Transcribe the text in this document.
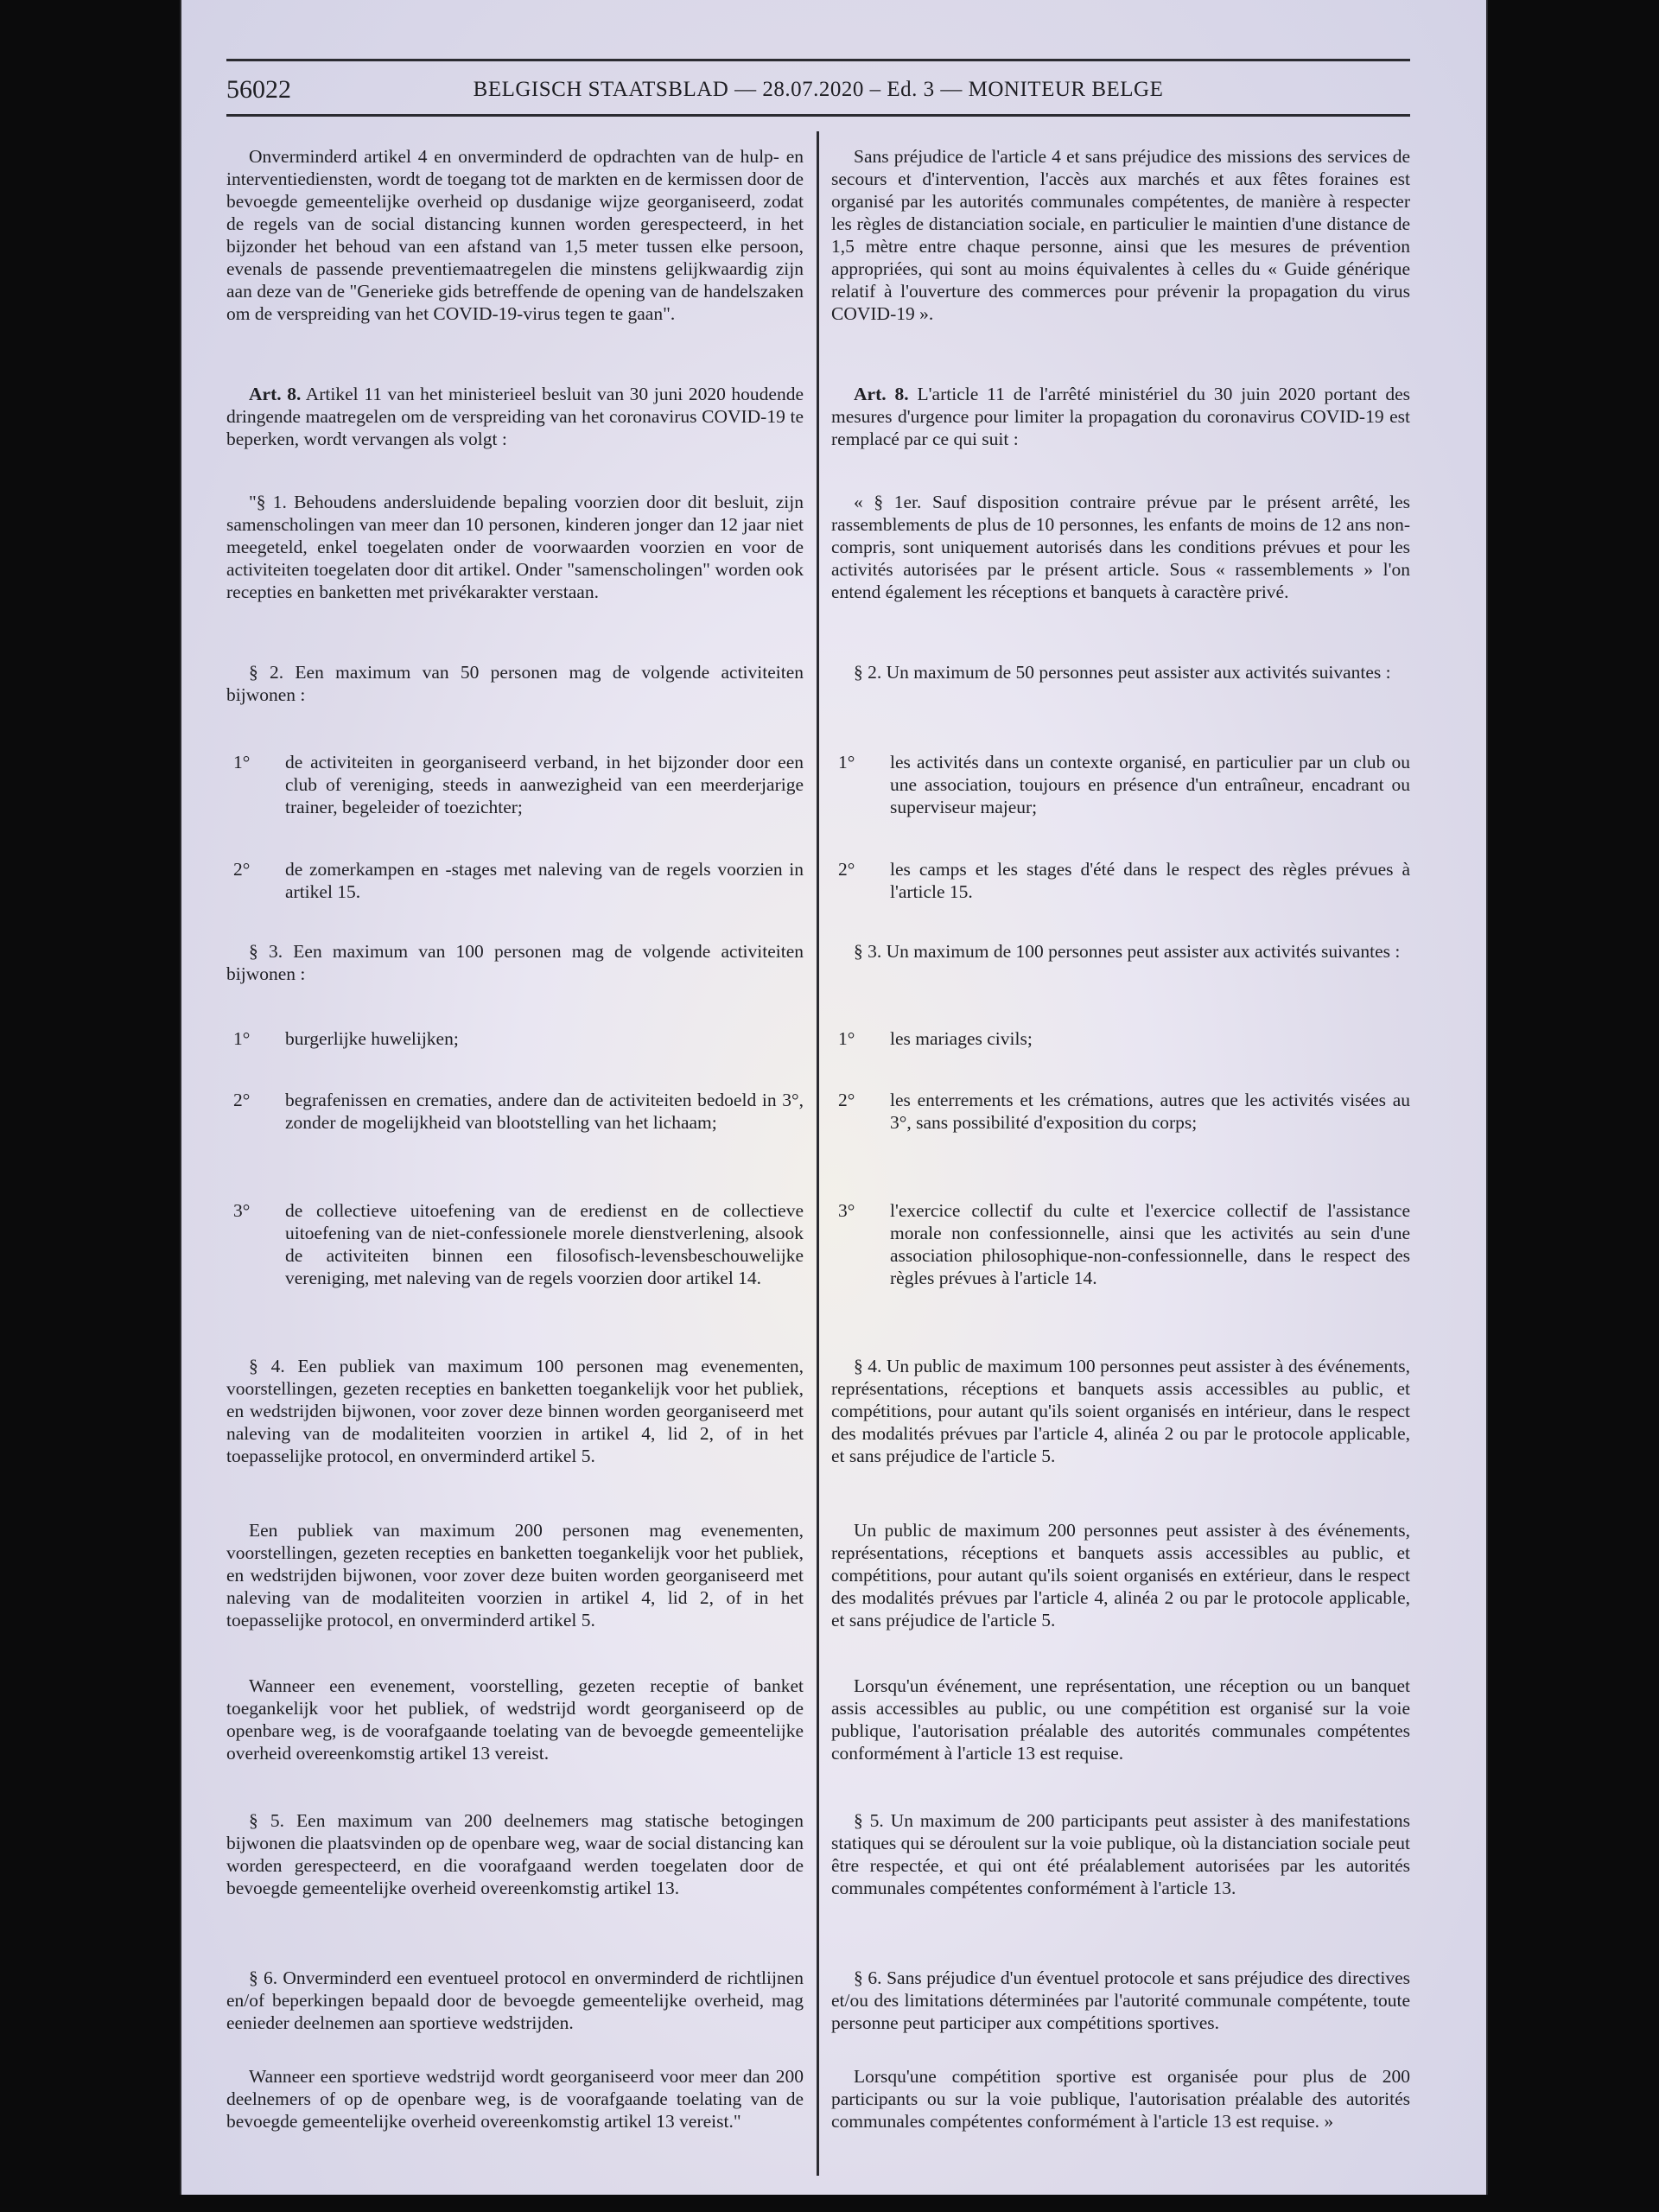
56022	BELGISCH STAATSBLAD — 28.07.2020 – Ed. 3 — MONITEUR BELGE
Onverminderd artikel 4 en onverminderd de opdrachten van de hulp- en interventiediensten, wordt de toegang tot de markten en de kermissen door de bevoegde gemeentelijke overheid op dusdanige wijze georganiseerd, zodat de regels van de social distancing kunnen worden gerespecteerd, in het bijzonder het behoud van een afstand van 1,5 meter tussen elke persoon, evenals de passende preventiemaatregelen die minstens gelijkwaardig zijn aan deze van de "Generieke gids betreffende de opening van de handelszaken om de verspreiding van het COVID-19-virus tegen te gaan".
Art. 8. Artikel 11 van het ministerieel besluit van 30 juni 2020 houdende dringende maatregelen om de verspreiding van het coronavirus COVID-19 te beperken, wordt vervangen als volgt :
"§ 1. Behoudens andersluidende bepaling voorzien door dit besluit, zijn samenscholingen van meer dan 10 personen, kinderen jonger dan 12 jaar niet meegeteld, enkel toegelaten onder de voorwaarden voorzien en voor de activiteiten toegelaten door dit artikel. Onder "samenscholingen" worden ook recepties en banketten met privékarakter verstaan.
§ 2. Een maximum van 50 personen mag de volgende activiteiten bijwonen :
1°	de activiteiten in georganiseerd verband, in het bijzonder door een club of vereniging, steeds in aanwezigheid van een meerderjarige trainer, begeleider of toezichter;
2°	de zomerkampen en -stages met naleving van de regels voorzien in artikel 15.
§ 3. Een maximum van 100 personen mag de volgende activiteiten bijwonen :
1°	burgerlijke huwelijken;
2°	begrafenissen en crematies, andere dan de activiteiten bedoeld in 3°, zonder de mogelijkheid van blootstelling van het lichaam;
3°	de collectieve uitoefening van de eredienst en de collectieve uitoefening van de niet-confessionele morele dienstverlening, alsook de activiteiten binnen een filosofisch-levensbeschouwelijke vereniging, met naleving van de regels voorzien door artikel 14.
§ 4. Een publiek van maximum 100 personen mag evenementen, voorstellingen, gezeten recepties en banketten toegankelijk voor het publiek, en wedstrijden bijwonen, voor zover deze binnen worden georganiseerd met naleving van de modaliteiten voorzien in artikel 4, lid 2, of in het toepasselijke protocol, en onverminderd artikel 5.
Een publiek van maximum 200 personen mag evenementen, voorstellingen, gezeten recepties en banketten toegankelijk voor het publiek, en wedstrijden bijwonen, voor zover deze buiten worden georganiseerd met naleving van de modaliteiten voorzien in artikel 4, lid 2, of in het toepasselijke protocol, en onverminderd artikel 5.
Wanneer een evenement, voorstelling, gezeten receptie of banket toegankelijk voor het publiek, of wedstrijd wordt georganiseerd op de openbare weg, is de voorafgaande toelating van de bevoegde gemeentelijke overheid overeenkomstig artikel 13 vereist.
§ 5. Een maximum van 200 deelnemers mag statische betogingen bijwonen die plaatsvinden op de openbare weg, waar de social distancing kan worden gerespecteerd, en die voorafgaand werden toegelaten door de bevoegde gemeentelijke overheid overeenkomstig artikel 13.
§ 6. Onverminderd een eventueel protocol en onverminderd de richtlijnen en/of beperkingen bepaald door de bevoegde gemeentelijke overheid, mag eenieder deelnemen aan sportieve wedstrijden.
Wanneer een sportieve wedstrijd wordt georganiseerd voor meer dan 200 deelnemers of op de openbare weg, is de voorafgaande toelating van de bevoegde gemeentelijke overheid overeenkomstig artikel 13 vereist."
Sans préjudice de l'article 4 et sans préjudice des missions des services de secours et d'intervention, l'accès aux marchés et aux fêtes foraines est organisé par les autorités communales compétentes, de manière à respecter les règles de distanciation sociale, en particulier le maintien d'une distance de 1,5 mètre entre chaque personne, ainsi que les mesures de prévention appropriées, qui sont au moins équivalentes à celles du « Guide générique relatif à l'ouverture des commerces pour prévenir la propagation du virus COVID-19 ».
Art. 8. L'article 11 de l'arrêté ministériel du 30 juin 2020 portant des mesures d'urgence pour limiter la propagation du coronavirus COVID-19 est remplacé par ce qui suit :
« § 1er. Sauf disposition contraire prévue par le présent arrêté, les rassemblements de plus de 10 personnes, les enfants de moins de 12 ans non-compris, sont uniquement autorisés dans les conditions prévues et pour les activités autorisées par le présent article. Sous « rassemblements » l'on entend également les réceptions et banquets à caractère privé.
§ 2. Un maximum de 50 personnes peut assister aux activités suivantes :
1°	les activités dans un contexte organisé, en particulier par un club ou une association, toujours en présence d'un entraîneur, encadrant ou superviseur majeur;
2°	les camps et les stages d'été dans le respect des règles prévues à l'article 15.
§ 3. Un maximum de 100 personnes peut assister aux activités suivantes :
1°	les mariages civils;
2°	les enterrements et les crémations, autres que les activités visées au 3°, sans possibilité d'exposition du corps;
3°	l'exercice collectif du culte et l'exercice collectif de l'assistance morale non confessionnelle, ainsi que les activités au sein d'une association philosophique-non-confessionnelle, dans le respect des règles prévues à l'article 14.
§ 4. Un public de maximum 100 personnes peut assister à des événements, représentations, réceptions et banquets assis accessibles au public, et compétitions, pour autant qu'ils soient organisés en intérieur, dans le respect des modalités prévues par l'article 4, alinéa 2 ou par le protocole applicable, et sans préjudice de l'article 5.
Un public de maximum 200 personnes peut assister à des événements, représentations, réceptions et banquets assis accessibles au public, et compétitions, pour autant qu'ils soient organisés en extérieur, dans le respect des modalités prévues par l'article 4, alinéa 2 ou par le protocole applicable, et sans préjudice de l'article 5.
Lorsqu'un événement, une représentation, une réception ou un banquet assis accessibles au public, ou une compétition est organisé sur la voie publique, l'autorisation préalable des autorités communales compétentes conformément à l'article 13 est requise.
§ 5. Un maximum de 200 participants peut assister à des manifestations statiques qui se déroulent sur la voie publique, où la distanciation sociale peut être respectée, et qui ont été préalablement autorisées par les autorités communales compétentes conformément à l'article 13.
§ 6. Sans préjudice d'un éventuel protocole et sans préjudice des directives et/ou des limitations déterminées par l'autorité communale compétente, toute personne peut participer aux compétitions sportives.
Lorsqu'une compétition sportive est organisée pour plus de 200 participants ou sur la voie publique, l'autorisation préalable des autorités communales compétentes conformément à l'article 13 est requise. »
